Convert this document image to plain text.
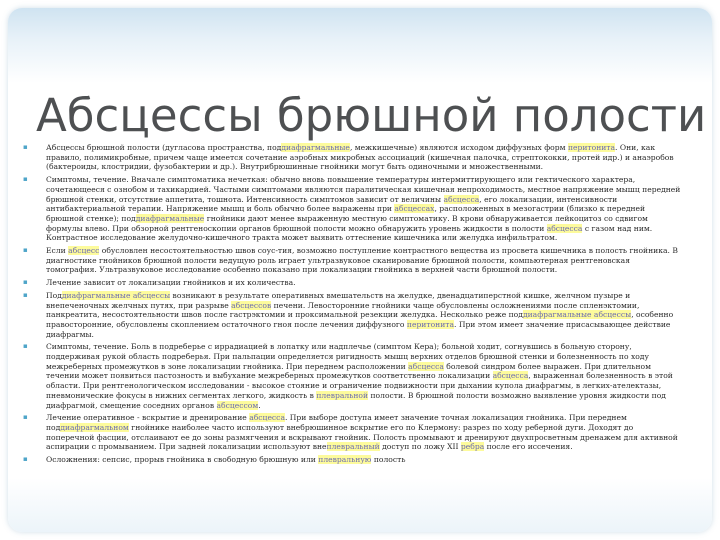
Абсцессы брюшной полости
▪ Абсцессы брюшной полости (дугласова пространства, поддиафрагмальные, межкишечные) являются исходом диффузных форм перитонита. Они, как правило, полимикробные, причем чаще имеется сочетание аэробных микробных ассоциаций (кишечная палочка, стрептококки, протей идр.) и анаэробов (бактероиды, клостридии, фузобактерии и др.). Внутрибрюшинные гнойники могут быть одиночными и множественными.
▪ Симптомы, течение. Вначале симптоматика нечеткая: обычно вновь повышение температуры интермиттирующего или гектического характера, сочетающееся с ознобом и тахикардией. Частыми симптомами являются паралитическая кишечная непроходимость, местное напряжение мышц передней брюшной стенки, отсутствие аппетита, тошнота. Интенсивность симптомов зависит от величины абсцесса, его локализации, интенсивности антибактериальной терапии. Напряжение мышц и боль обычно более выражены при абсцессах, расположенных в мезогастрии (близко к передней брюшной стенке); поддиафрагмальные гнойники дают менее выраженную местную симптоматику. В крови обнаруживается лейкоцитоз со сдвигом формулы влево. При обзорной рентгеноскопии органов брюшной полости можно обнаружить уровень жидкости в полости абсцесса с газом над ним. Контрастное исследование желудочно-кишечного тракта может выявить оттеснение кишечника или желудка инфильтратом.
▪ Если абсцесс обусловлен несостоятельностью швов соус-тия, возможно поступление контрастного вещества из просвета кишечника в полость гнойника. В диагностике гнойников брюшной полости ведущую роль играет ультразвуковое сканирование брюшной полости, компьютерная рентгеновская томография. Ультразвуковое исследование особенно показано при локализации гнойника в верхней части брюшной полости.
▪ Лечение зависит от локализации гнойников и их количества.
▪ Поддиафрагмальные абсцессы возникают в результате оперативных вмешательств на желудке, двенадцатиперстной кишке, желчном пузыре и внепеченочных желчных путях, при разрыве абсцессов печени. Левосторонние гнойники чаще обусловлены осложнениями после спленэктомии, панкреатита, несостоятельности швов после гастрэктомии и проксимальной резекции желудка. Несколько реже поддиафрагмальные абсцессы, особенно правосторонние, обусловлены скоплением остаточного гноя после лечения диффузного перитонита. При этом имеет значение присасывающее действие диафрагмы.
▪ Симптомы, течение. Боль в подреберье с иррадиацией в лопатку или надплечье (симптом Кера); больной ходит, согнувшись в больную сторону, поддерживая рукой область подреберья. При пальпации определяется ригидность мышц верхних отделов брюшной стенки и болезненность по ходу межреберных промежутков в зоне локализации гнойника. При переднем расположении абсцесса болевой синдром более выражен. При длительном течении может появиться пастозность и выбухание межреберных промежутков соответственно локализации абсцесса, выраженная болезненность в этой области. При рентгенологическом исследовании - высокое стояние и ограничение подвижности при дыхании купола диафрагмы, в легких-ателектазы, пневмонические фокусы в нижних сегментах легкого, жидкость в плевральной полости. В брюшной полости возможно выявление уровня жидкости под диафрагмой, смещение соседних органов абсцессом.
▪ Лечение оперативное - вскрытие и дренирование абсцесса. При выборе доступа имеет значение точная локализация гнойника. При переднем поддиафрагмальном гнойнике наиболее часто используют внебрюшинное вскрытие его по Клермону: разрез по ходу реберной дуги. Доходят до поперечной фасции, отслаивают ее до зоны размягчения и вскрывают гнойник. Полость промывают и дренируют двухпросветным дренажем для активной аспирации с промыванием. При задней локализации используют внеплевральный доступ по ложу XII ребра после его иссечения.
▪ Осложнения: сепсис, прорыв гнойника в свободную брюшную или плевральную полость
